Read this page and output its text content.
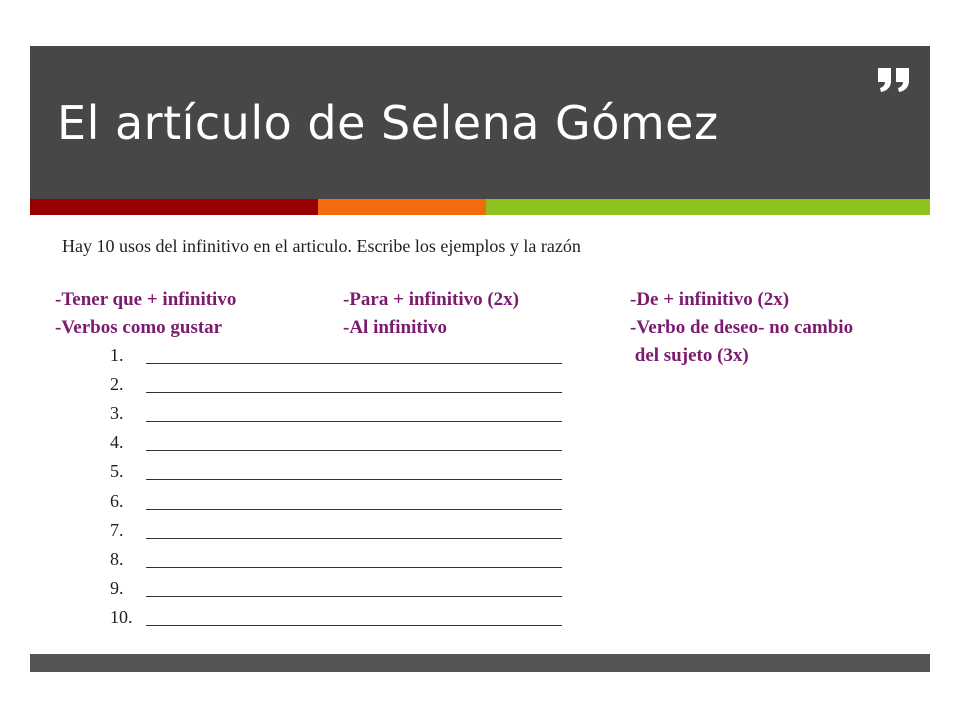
El artículo de Selena Gómez
Hay 10 usos del infinitivo en el articulo. Escribe los ejemplos y la razón
-Tener que + infinitivo
-Verbos como gustar
-Para + infinitivo (2x)
-Al infinitivo
-De + infinitivo (2x)
-Verbo de deseo- no cambio
del sujeto (3x)
1.
2.
3.
4.
5.
6.
7.
8.
9.
10.
